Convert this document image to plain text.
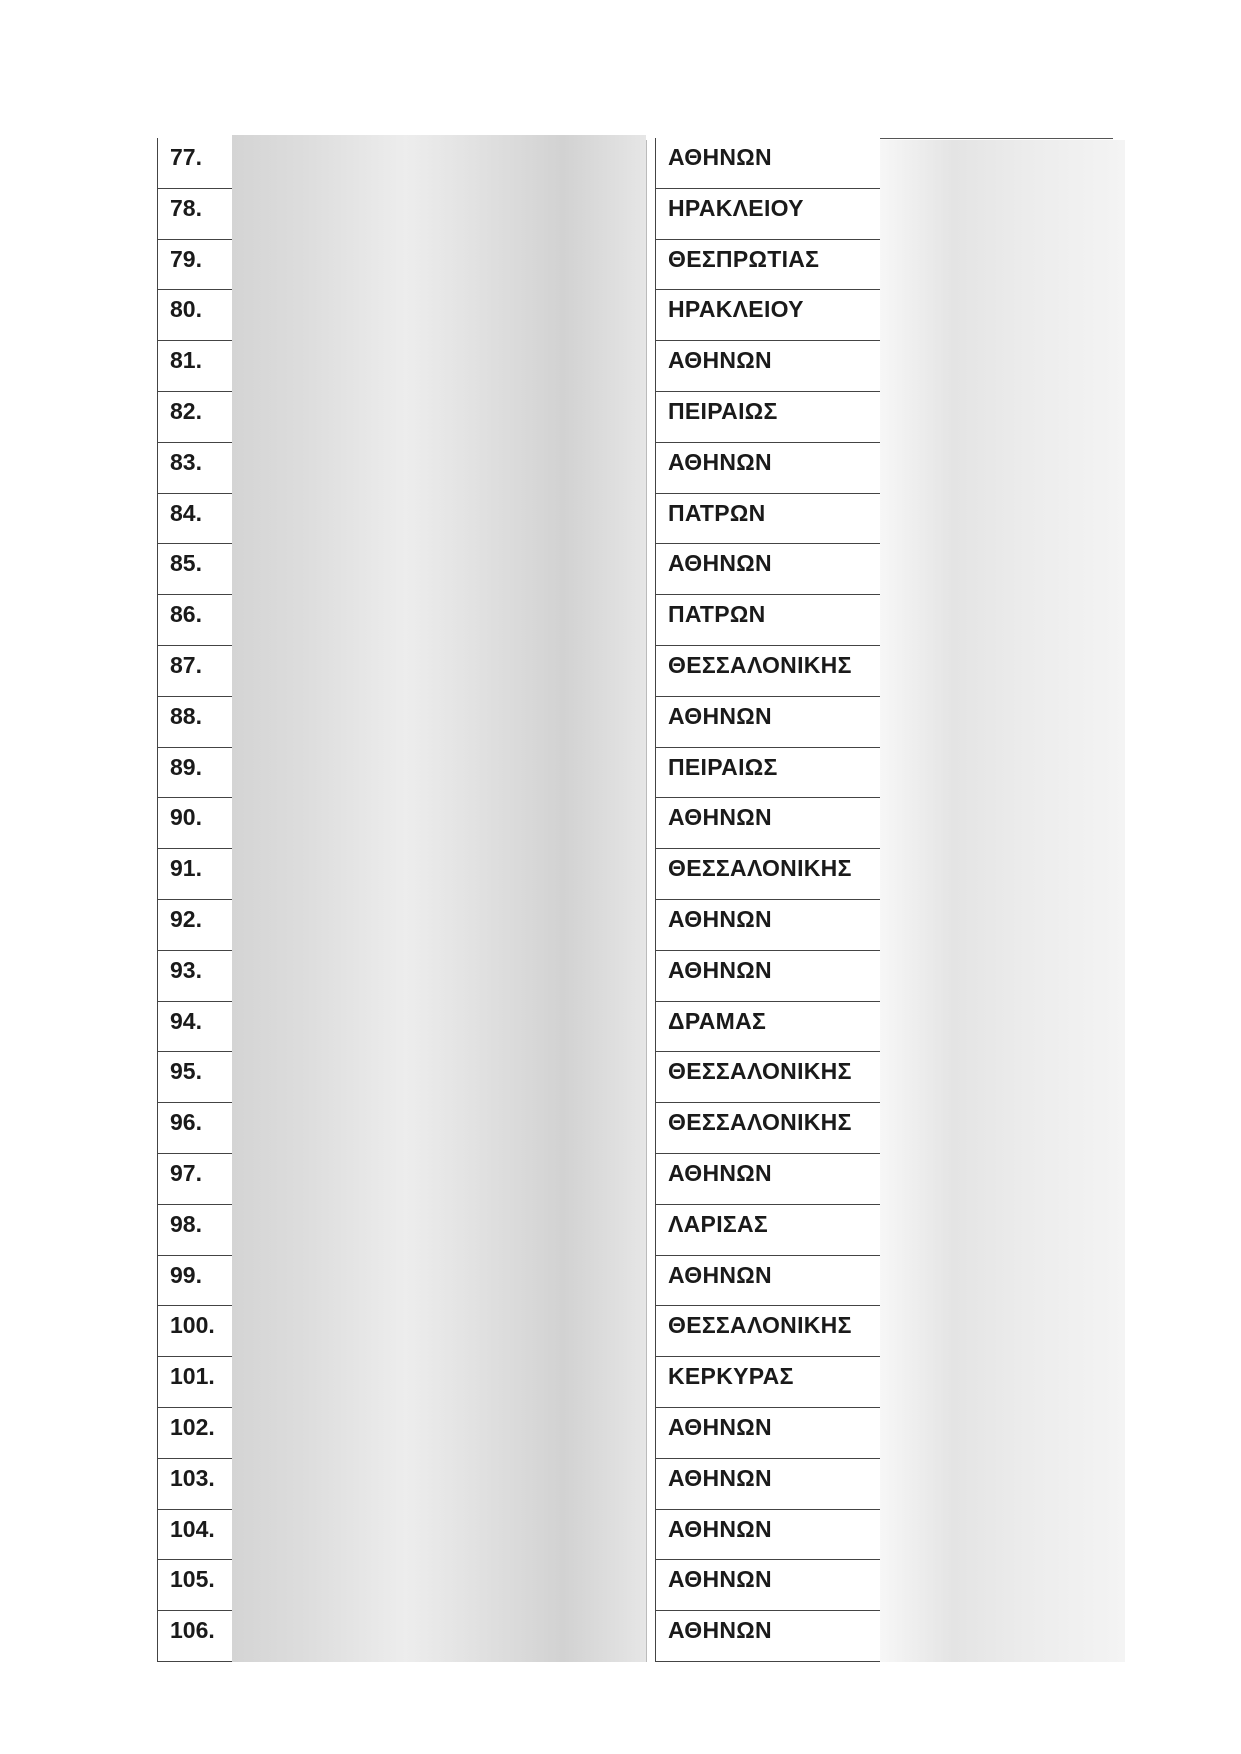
77.
78.
79.
80.
81.
82.
83.
84.
85.
86.
87.
88.
89.
90.
91.
92.
93.
94.
95.
96.
97.
98.
99.
100.
101.
102.
103.
104.
105.
106.
ΑΘΗΝΩΝ
ΗΡΑΚΛΕΙΟΥ
ΘΕΣΠΡΩΤΙΑΣ
ΗΡΑΚΛΕΙΟΥ
ΑΘΗΝΩΝ
ΠΕΙΡΑΙΩΣ
ΑΘΗΝΩΝ
ΠΑΤΡΩΝ
ΑΘΗΝΩΝ
ΠΑΤΡΩΝ
ΘΕΣΣΑΛΟΝΙΚΗΣ
ΑΘΗΝΩΝ
ΠΕΙΡΑΙΩΣ
ΑΘΗΝΩΝ
ΘΕΣΣΑΛΟΝΙΚΗΣ
ΑΘΗΝΩΝ
ΑΘΗΝΩΝ
ΔΡΑΜΑΣ
ΘΕΣΣΑΛΟΝΙΚΗΣ
ΘΕΣΣΑΛΟΝΙΚΗΣ
ΑΘΗΝΩΝ
ΛΑΡΙΣΑΣ
ΑΘΗΝΩΝ
ΘΕΣΣΑΛΟΝΙΚΗΣ
ΚΕΡΚΥΡΑΣ
ΑΘΗΝΩΝ
ΑΘΗΝΩΝ
ΑΘΗΝΩΝ
ΑΘΗΝΩΝ
ΑΘΗΝΩΝ
